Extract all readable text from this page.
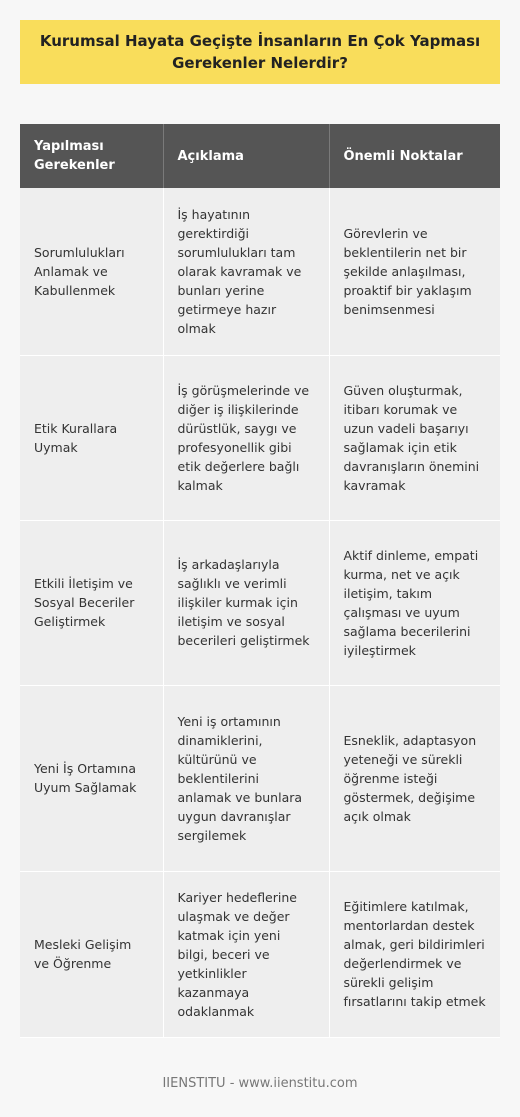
Kurumsal Hayata Geçişte İnsanların En Çok Yapması Gerekenler Nelerdir?
Yapılması Gerekenler	Açıklama	Önemli Noktalar
Sorumlulukları Anlamak ve Kabullenmek	İş hayatının gerektirdiği sorumlulukları tam olarak kavramak ve bunları yerine getirmeye hazır olmak	Görevlerin ve beklentilerin net bir şekilde anlaşılması, proaktif bir yaklaşım benimsenmesi
Etik Kurallara Uymak	İş görüşmelerinde ve diğer iş ilişkilerinde dürüstlük, saygı ve profesyonellik gibi etik değerlere bağlı kalmak	Güven oluşturmak, itibarı korumak ve uzun vadeli başarıyı sağlamak için etik davranışların önemini kavramak
Etkili İletişim ve Sosyal Beceriler Geliştirmek	İş arkadaşlarıyla sağlıklı ve verimli ilişkiler kurmak için iletişim ve sosyal becerileri geliştirmek	Aktif dinleme, empati kurma, net ve açık iletişim, takım çalışması ve uyum sağlama becerilerini iyileştirmek
Yeni İş Ortamına Uyum Sağlamak	Yeni iş ortamının dinamiklerini, kültürünü ve beklentilerini anlamak ve bunlara uygun davranışlar sergilemek	Esneklik, adaptasyon yeteneği ve sürekli öğrenme isteği göstermek, değişime açık olmak
Mesleki Gelişim ve Öğrenme	Kariyer hedeflerine ulaşmak ve değer katmak için yeni bilgi, beceri ve yetkinlikler kazanmaya odaklanmak	Eğitimlere katılmak, mentorlardan destek almak, geri bildirimleri değerlendirmek ve sürekli gelişim fırsatlarını takip etmek
IIENSTITU - www.iienstitu.com
